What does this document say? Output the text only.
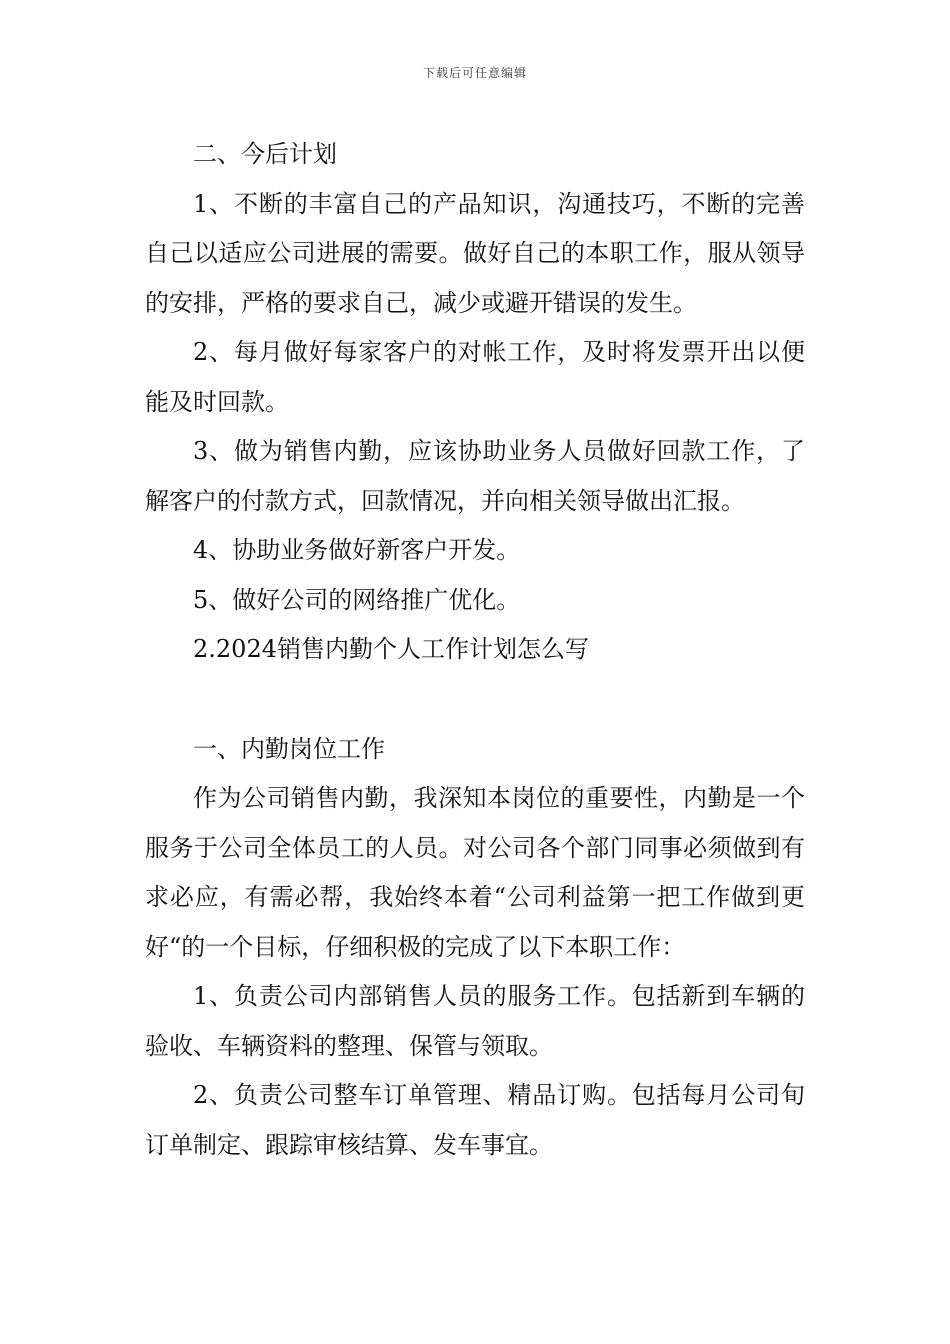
下载后可任意编辑

二、今后计划

1、不断的丰富自己的产品知识，沟通技巧，不断的完善自己以适应公司进展的需要。做好自己的本职工作，服从领导的安排，严格的要求自己，减少或避开错误的发生。

2、每月做好每家客户的对帐工作，及时将发票开出以便能及时回款。

3、做为销售内勤，应该协助业务人员做好回款工作，了解客户的付款方式，回款情况，并向相关领导做出汇报。

4、协助业务做好新客户开发。

5、做好公司的网络推广优化。

2.2024销售内勤个人工作计划怎么写

一、内勤岗位工作

作为公司销售内勤，我深知本岗位的重要性，内勤是一个服务于公司全体员工的人员。对公司各个部门同事必须做到有求必应，有需必帮，我始终本着“公司利益第一把工作做到更好“的一个目标，仔细积极的完成了以下本职工作：

1、负责公司内部销售人员的服务工作。包括新到车辆的验收、车辆资料的整理、保管与领取。

2、负责公司整车订单管理、精品订购。包括每月公司旬订单制定、跟踪审核结算、发车事宜。
